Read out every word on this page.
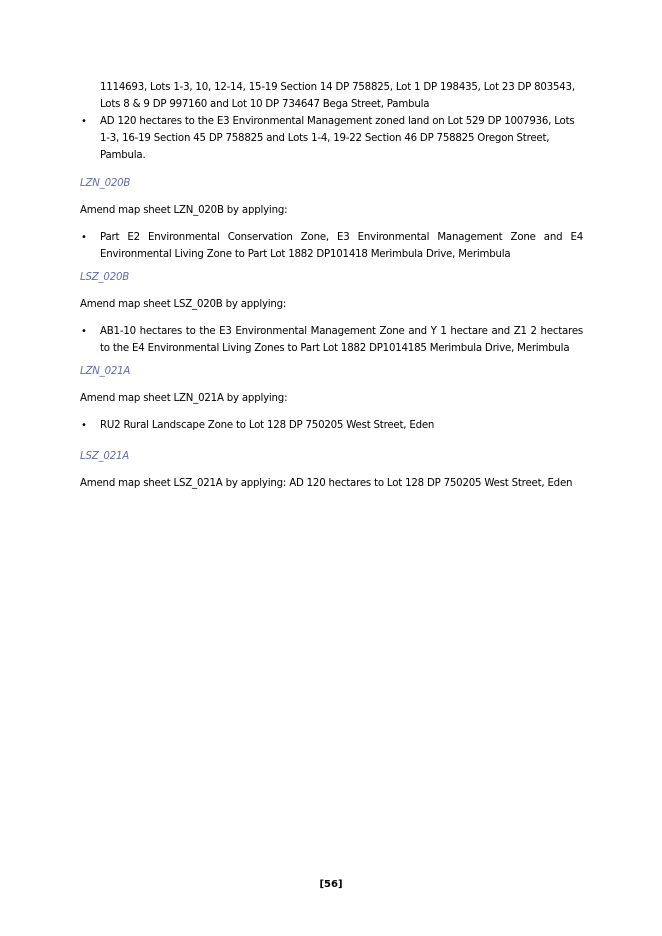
1114693, Lots 1-3, 10, 12-14, 15-19 Section 14 DP 758825, Lot 1 DP 198435, Lot 23 DP 803543, Lots 8 & 9 DP 997160 and Lot 10 DP 734647 Bega Street, Pambula
• AD 120 hectares to the E3 Environmental Management zoned land on Lot 529 DP 1007936, Lots 1-3, 16-19 Section 45 DP 758825 and Lots 1-4, 19-22 Section 46 DP 758825 Oregon Street, Pambula.
LZN_020B
Amend map sheet LZN_020B by applying:
• Part E2 Environmental Conservation Zone, E3 Environmental Management Zone and E4 Environmental Living Zone to Part Lot 1882 DP101418 Merimbula Drive, Merimbula
LSZ_020B
Amend map sheet LSZ_020B by applying:
• AB1-10 hectares to the E3 Environmental Management Zone and Y 1 hectare and Z1 2 hectares to the E4 Environmental Living Zones to Part Lot 1882 DP1014185 Merimbula Drive, Merimbula
LZN_021A
Amend map sheet LZN_021A by applying:
• RU2 Rural Landscape Zone to Lot 128 DP 750205 West Street, Eden
LSZ_021A
Amend map sheet LSZ_021A by applying: AD 120 hectares to Lot 128 DP 750205 West Street, Eden
[56]
